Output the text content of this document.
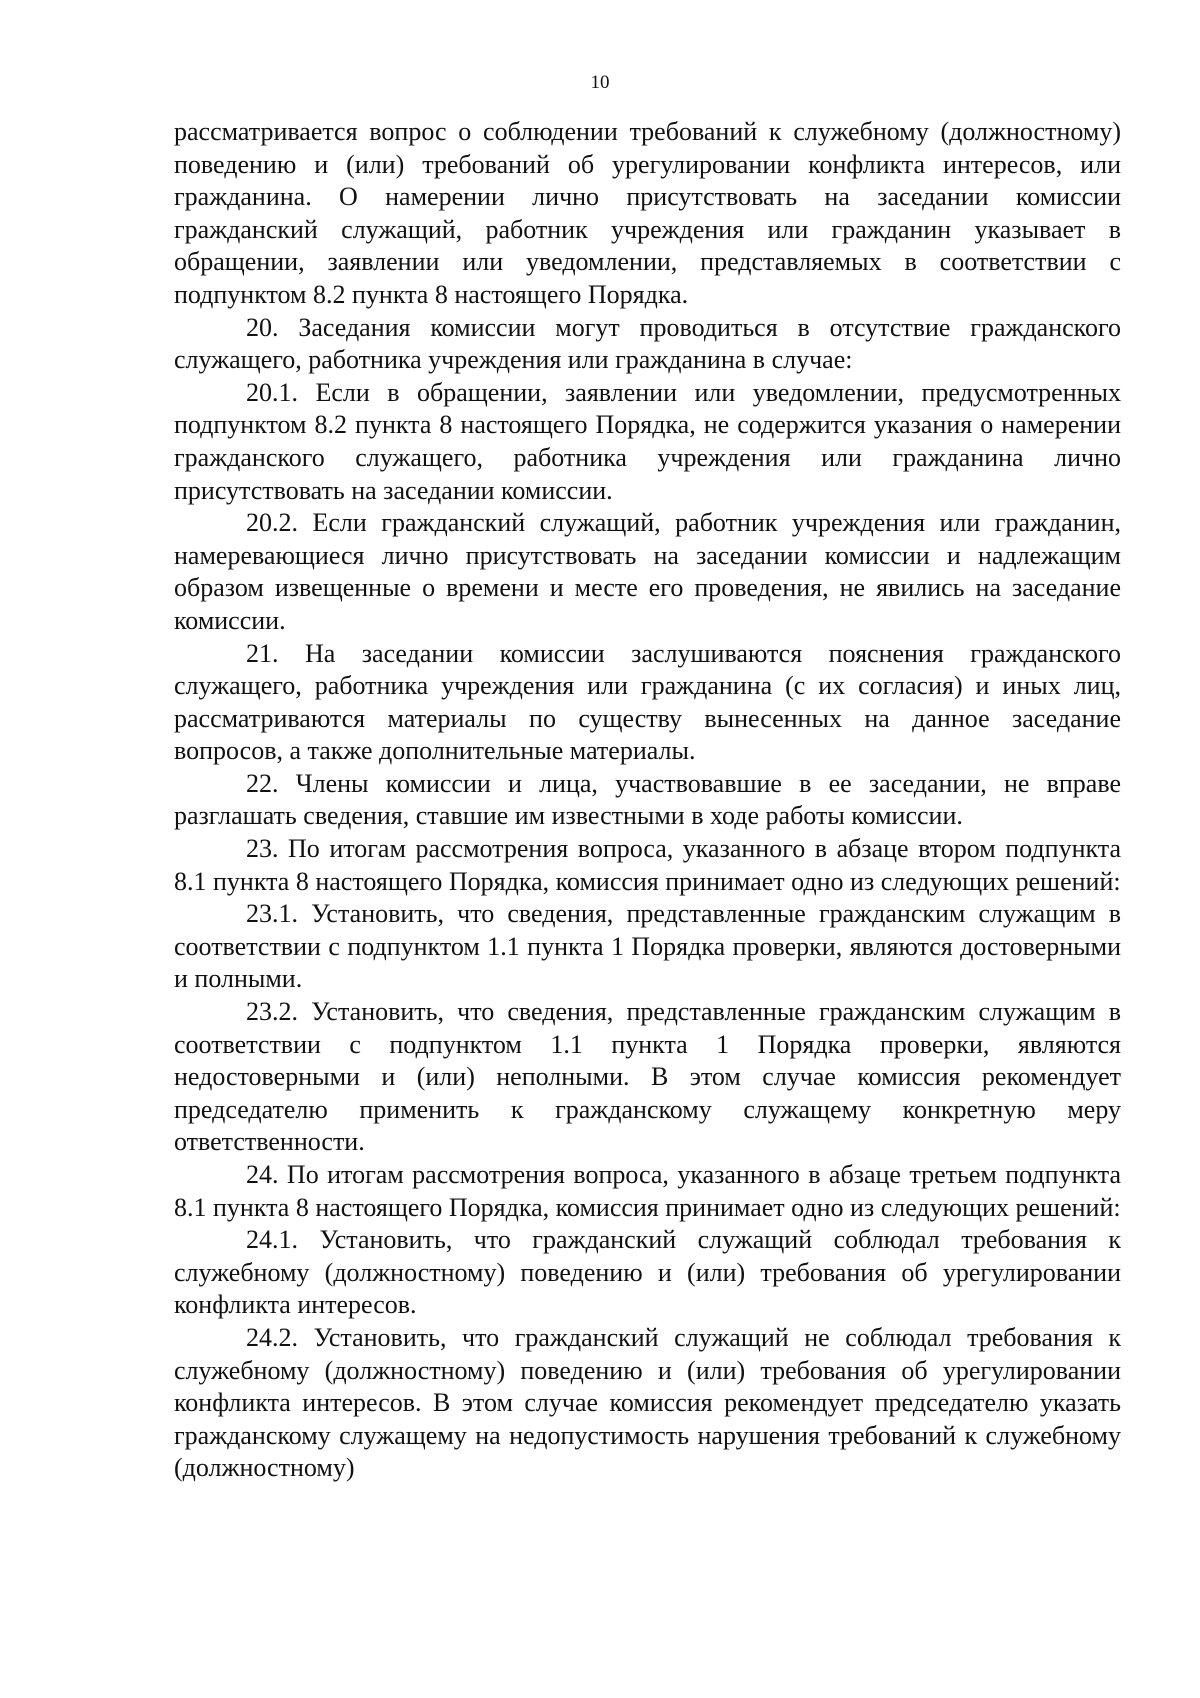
10

рассматривается вопрос о соблюдении требований к служебному (должностному) поведению и (или) требований об урегулировании конфликта интересов, или гражданина. О намерении лично присутствовать на заседании комиссии гражданский служащий, работник учреждения или гражданин указывает в обращении, заявлении или уведомлении, представляемых в соответствии с подпунктом 8.2 пункта 8 настоящего Порядка.

20. Заседания комиссии могут проводиться в отсутствие гражданского служащего, работника учреждения или гражданина в случае:

20.1. Если в обращении, заявлении или уведомлении, предусмотренных подпунктом 8.2 пункта 8 настоящего Порядка, не содержится указания о намерении гражданского служащего, работника учреждения или гражданина лично присутствовать на заседании комиссии.

20.2. Если гражданский служащий, работник учреждения или гражданин, намеревающиеся лично присутствовать на заседании комиссии и надлежащим образом извещенные о времени и месте его проведения, не явились на заседание комиссии.

21. На заседании комиссии заслушиваются пояснения гражданского служащего, работника учреждения или гражданина (с их согласия) и иных лиц, рассматриваются материалы по существу вынесенных на данное заседание вопросов, а также дополнительные материалы.

22. Члены комиссии и лица, участвовавшие в ее заседании, не вправе разглашать сведения, ставшие им известными в ходе работы комиссии.

23. По итогам рассмотрения вопроса, указанного в абзаце втором подпункта 8.1 пункта 8 настоящего Порядка, комиссия принимает одно из следующих решений:

23.1. Установить, что сведения, представленные гражданским служащим в соответствии с подпунктом 1.1 пункта 1 Порядка проверки, являются достоверными и полными.

23.2. Установить, что сведения, представленные гражданским служащим в соответствии с подпунктом 1.1 пункта 1 Порядка проверки, являются недостоверными и (или) неполными. В этом случае комиссия рекомендует председателю применить к гражданскому служащему конкретную меру ответственности.

24. По итогам рассмотрения вопроса, указанного в абзаце третьем подпункта 8.1 пункта 8 настоящего Порядка, комиссия принимает одно из следующих решений:

24.1. Установить, что гражданский служащий соблюдал требования к служебному (должностному) поведению и (или) требования об урегулировании конфликта интересов.

24.2. Установить, что гражданский служащий не соблюдал требования к служебному (должностному) поведению и (или) требования об урегулировании конфликта интересов. В этом случае комиссия рекомендует председателю указать гражданскому служащему на недопустимость нарушения требований к служебному (должностному)
